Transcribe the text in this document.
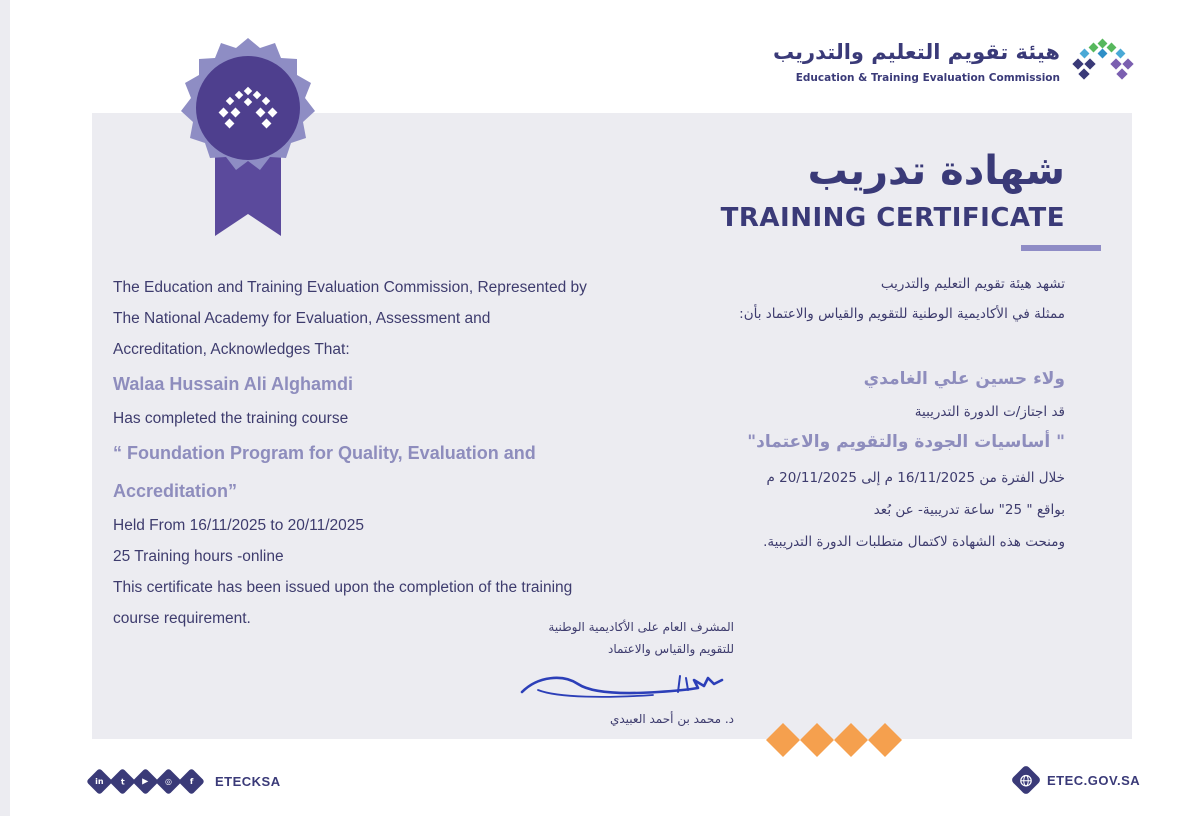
هيئة تقويم التعليم والتدريب
Education & Training Evaluation Commission
شهادة تدريب
TRAINING CERTIFICATE
The Education and Training Evaluation Commission, Represented by
The National Academy for Evaluation, Assessment and
Accreditation, Acknowledges That:
Walaa Hussain Ali Alghamdi
Has completed the training course
“ Foundation Program for Quality, Evaluation and
Accreditation”
Held From 16/11/2025 to 20/11/2025
25 Training hours -online
This certificate has been issued upon the completion of the training
course requirement.
تشهد هيئة تقويم التعليم والتدريب
ممثلة في الأكاديمية الوطنية للتقويم والقياس والاعتماد بأن:
ولاء حسين علي الغامدي
قد اجتاز/ت الدورة التدريبية
" أساسيات الجودة والتقويم والاعتماد"
خلال الفترة من 16/11/2025 م إلى 20/11/2025 م
بواقع " 25" ساعة تدريبية- عن بُعد
ومنحت هذه الشهادة لاكتمال متطلبات الدورة التدريبية.
المشرف العام على الأكاديمية الوطنية
للتقويم والقياس والاعتماد
د. محمد بن أحمد العبيدي
in t ▶ ◎ f ETECKSA	ETEC.GOV.SA
